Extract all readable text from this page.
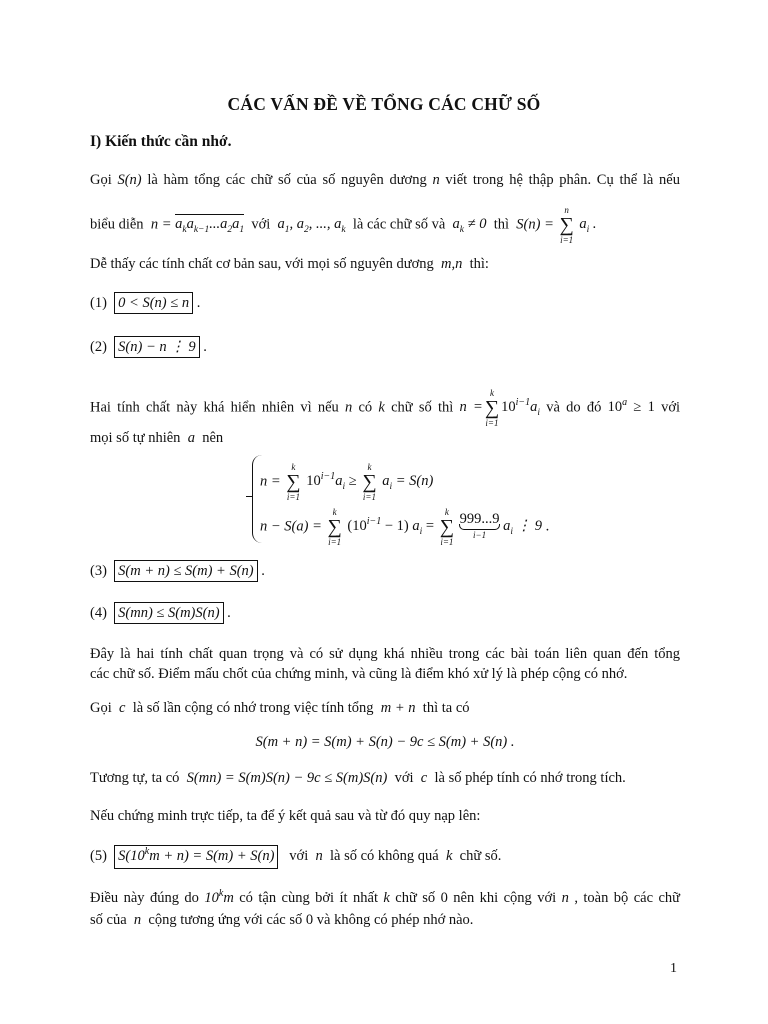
CÁC VẤN ĐỀ VỀ TỔNG CÁC CHỮ SỐ
I) Kiến thức cần nhớ.
Gọi S(n) là hàm tổng các chữ số của số nguyên dương n viết trong hệ thập phân. Cụ thể là nếu
biểu diễn $n = a_ka_{k-1}...a_2a_1$ với $a_1$, $a_2$, ..., $a_k$ là các chữ số và $a_k \ne 0$ thì S(n) =
n
∑
i=1
$a_i$ .
Dễ thấy các tính chất cơ bản sau, với mọi số nguyên dương m,n thì:
(1) 0 < S(n) ≤ n .
(2) S(n) − n ⋮ 9 .
Hai tính chất này khá hiển nhiên vì nếu n có k chữ số thì n =
k
∑
i=1
$10^{i-1}a_i$ và do đó $10^a \ge 1$ với
mọi số tự nhiên a nên
n =
k
∑
i=1
$10^{i-1}a_i$ ≥
k
∑
i=1
$a_i = S(n)$
n − S(a) =
k
∑
i=1
$(10^{i-1} - 1) a_i$ =
k
∑
i=1

999...9
i−1
$a_i$ ⋮ 9 .
(3) S(m + n) ≤ S(m) + S(n) .
(4) S(mn) ≤ S(m)S(n) .
Đây là hai tính chất quan trọng và có sử dụng khá nhiều trong các bài toán liên quan đến tổng
các chữ số. Điểm mấu chốt của chứng minh, và cũng là điểm khó xử lý là phép cộng có nhớ.
Gọi c là số lần cộng có nhớ trong việc tính tổng m + n thì ta có
S(m + n) = S(m) + S(n) − 9c ≤ S(m) + S(n) .
Tương tự, ta có S(mn) = S(m)S(n) − 9c ≤ S(m)S(n) với c là số phép tính có nhớ trong tích.
Nếu chứng minh trực tiếp, ta để ý kết quả sau và từ đó quy nạp lên:
(5) $S(10^km + n) = S(m) + S(n)$ với n là số có không quá k chữ số.
Điều này đúng do 10$^k$m có tận cùng bởi ít nhất k chữ số 0 nên khi cộng với n , toàn bộ các chữ
số của n cộng tương ứng với các số 0 và không có phép nhớ nào.
1
